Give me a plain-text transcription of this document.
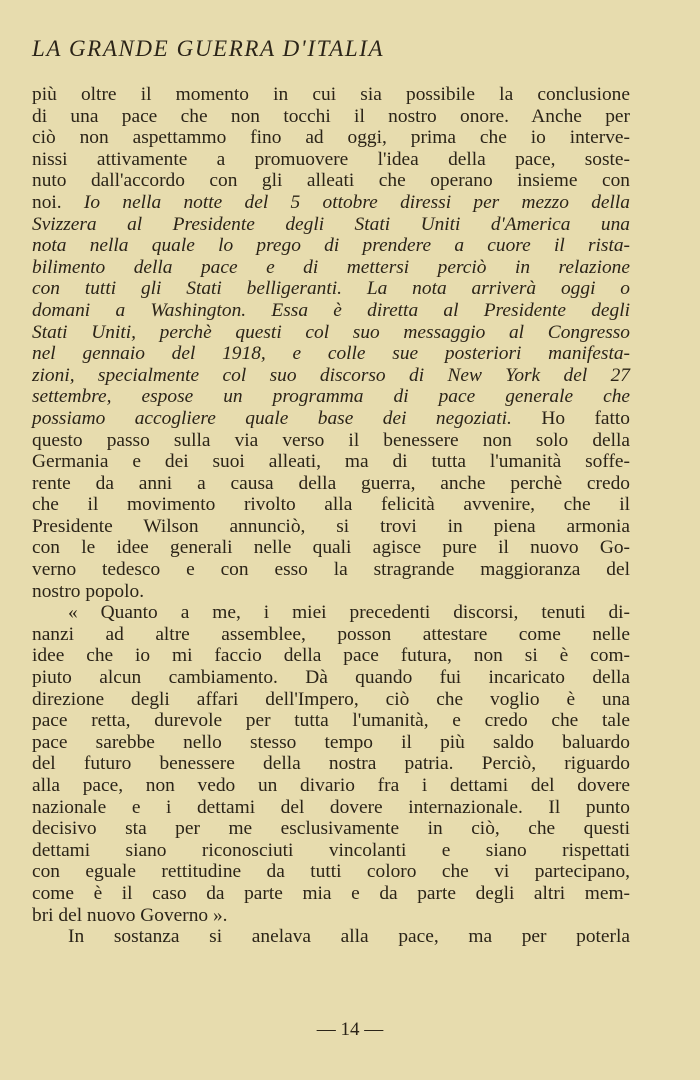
LA GRANDE GUERRA D'ITALIA
più oltre il momento in cui sia possibile la conclusione
di una pace che non tocchi il nostro onore. Anche per
ciò non aspettammo fino ad oggi, prima che io interve-
nissi attivamente a promuovere l'idea della pace, soste-
nuto dall'accordo con gli alleati che operano insieme con
noi. Io nella notte del 5 ottobre diressi per mezzo della
Svizzera al Presidente degli Stati Uniti d'America una
nota nella quale lo prego di prendere a cuore il rista-
bilimento della pace e di mettersi perciò in relazione
con tutti gli Stati belligeranti. La nota arriverà oggi o
domani a Washington. Essa è diretta al Presidente degli
Stati Uniti, perchè questi col suo messaggio al Congresso
nel gennaio del 1918, e colle sue posteriori manifesta-
zioni, specialmente col suo discorso di New York del 27
settembre, espose un programma di pace generale che
possiamo accogliere quale base dei negoziati. Ho fatto
questo passo sulla via verso il benessere non solo della
Germania e dei suoi alleati, ma di tutta l'umanità soffe-
rente da anni a causa della guerra, anche perchè credo
che il movimento rivolto alla felicità avvenire, che il
Presidente Wilson annunciò, si trovi in piena armonia
con le idee generali nelle quali agisce pure il nuovo Go-
verno tedesco e con esso la stragrande maggioranza del
nostro popolo.
« Quanto a me, i miei precedenti discorsi, tenuti di-
nanzi ad altre assemblee, posson attestare come nelle
idee che io mi faccio della pace futura, non si è com-
piuto alcun cambiamento. Dà quando fui incaricato della
direzione degli affari dell'Impero, ciò che voglio è una
pace retta, durevole per tutta l'umanità, e credo che tale
pace sarebbe nello stesso tempo il più saldo baluardo
del futuro benessere della nostra patria. Perciò, riguardo
alla pace, non vedo un divario fra i dettami del dovere
nazionale e i dettami del dovere internazionale. Il punto
decisivo sta per me esclusivamente in ciò, che questi
dettami siano riconosciuti vincolanti e siano rispettati
con eguale rettitudine da tutti coloro che vi partecipano,
come è il caso da parte mia e da parte degli altri mem-
bri del nuovo Governo ».
In sostanza si anelava alla pace, ma per poterla
— 14 —
